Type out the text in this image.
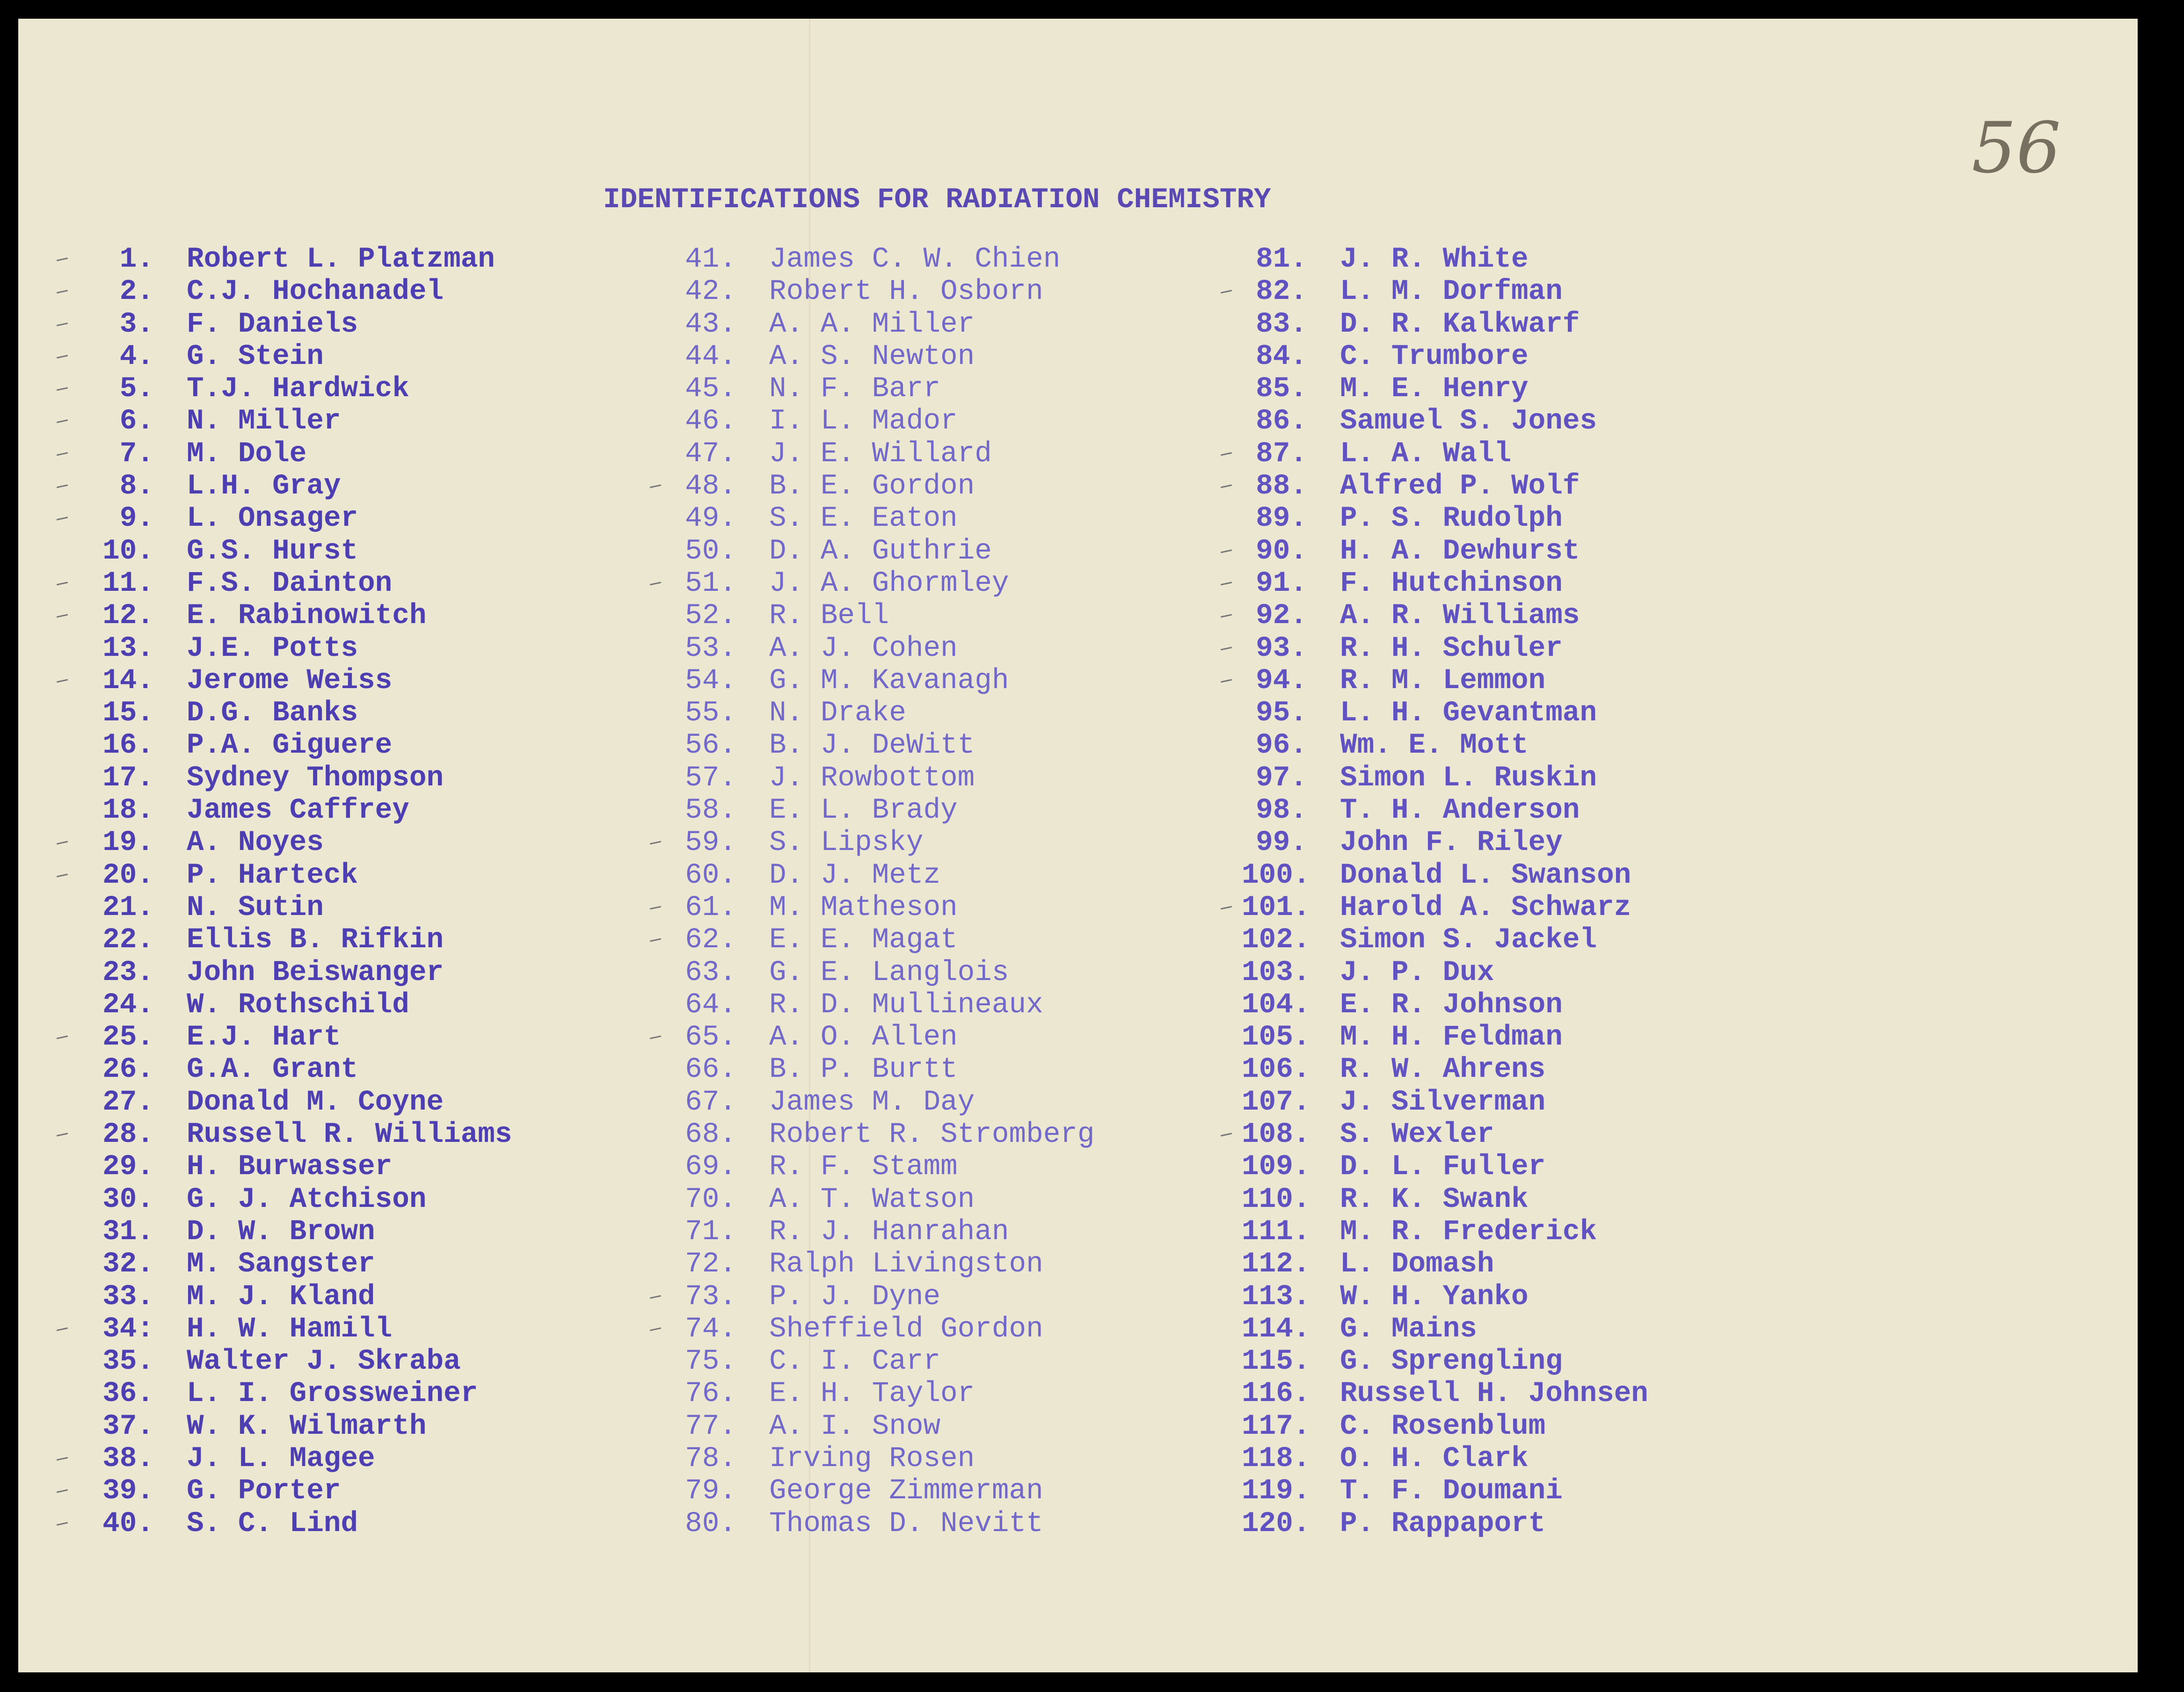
56
IDENTIFICATIONS FOR RADIATION CHEMISTRY
1. Robert L. Platzman
2. C.J. Hochanadel
3. F. Daniels
4. G. Stein
5. T.J. Hardwick
6. N. Miller
7. M. Dole
8. L.H. Gray
9. L. Onsager
10. G.S. Hurst
11. F.S. Dainton
12. E. Rabinowitch
13. J.E. Potts
14. Jerome Weiss
15. D.G. Banks
16. P.A. Giguere
17. Sydney Thompson
18. James Caffrey
19. A. Noyes
20. P. Harteck
21. N. Sutin
22. Ellis B. Rifkin
23. John Beiswanger
24. W. Rothschild
25. E.J. Hart
26. G.A. Grant
27. Donald M. Coyne
28. Russell R. Williams
29. H. Burwasser
30. G. J. Atchison
31. D. W. Brown
32. M. Sangster
33. M. J. Kland
34: H. W. Hamill
35. Walter J. Skraba
36. L. I. Grossweiner
37. W. K. Wilmarth
38. J. L. Magee
39. G. Porter
40. S. C. Lind
41. James C. W. Chien
42. Robert H. Osborn
43. A. A. Miller
44. A. S. Newton
45. N. F. Barr
46. I. L. Mador
47. J. E. Willard
48. B. E. Gordon
49. S. E. Eaton
50. D. A. Guthrie
51. J. A. Ghormley
52. R. Bell
53. A. J. Cohen
54. G. M. Kavanagh
55. N. Drake
56. B. J. DeWitt
57. J. Rowbottom
58. E. L. Brady
59. S. Lipsky
60. D. J. Metz
61. M. Matheson
62. E. E. Magat
63. G. E. Langlois
64. R. D. Mullineaux
65. A. O. Allen
66. B. P. Burtt
67. James M. Day
68. Robert R. Stromberg
69. R. F. Stamm
70. A. T. Watson
71. R. J. Hanrahan
72. Ralph Livingston
73. P. J. Dyne
74. Sheffield Gordon
75. C. I. Carr
76. E. H. Taylor
77. A. I. Snow
78. Irving Rosen
79. George Zimmerman
80. Thomas D. Nevitt
81. J. R. White
82. L. M. Dorfman
83. D. R. Kalkwarf
84. C. Trumbore
85. M. E. Henry
86. Samuel S. Jones
87. L. A. Wall
88. Alfred P. Wolf
89. P. S. Rudolph
90. H. A. Dewhurst
91. F. Hutchinson
92. A. R. Williams
93. R. H. Schuler
94. R. M. Lemmon
95. L. H. Gevantman
96. Wm. E. Mott
97. Simon L. Ruskin
98. T. H. Anderson
99. John F. Riley
100. Donald L. Swanson
101. Harold A. Schwarz
102. Simon S. Jackel
103. J. P. Dux
104. E. R. Johnson
105. M. H. Feldman
106. R. W. Ahrens
107. J. Silverman
108. S. Wexler
109. D. L. Fuller
110. R. K. Swank
111. M. R. Frederick
112. L. Domash
113. W. H. Yanko
114. G. Mains
115. G. Sprengling
116. Russell H. Johnsen
117. C. Rosenblum
118. O. H. Clark
119. T. F. Doumani
120. P. Rappaport
